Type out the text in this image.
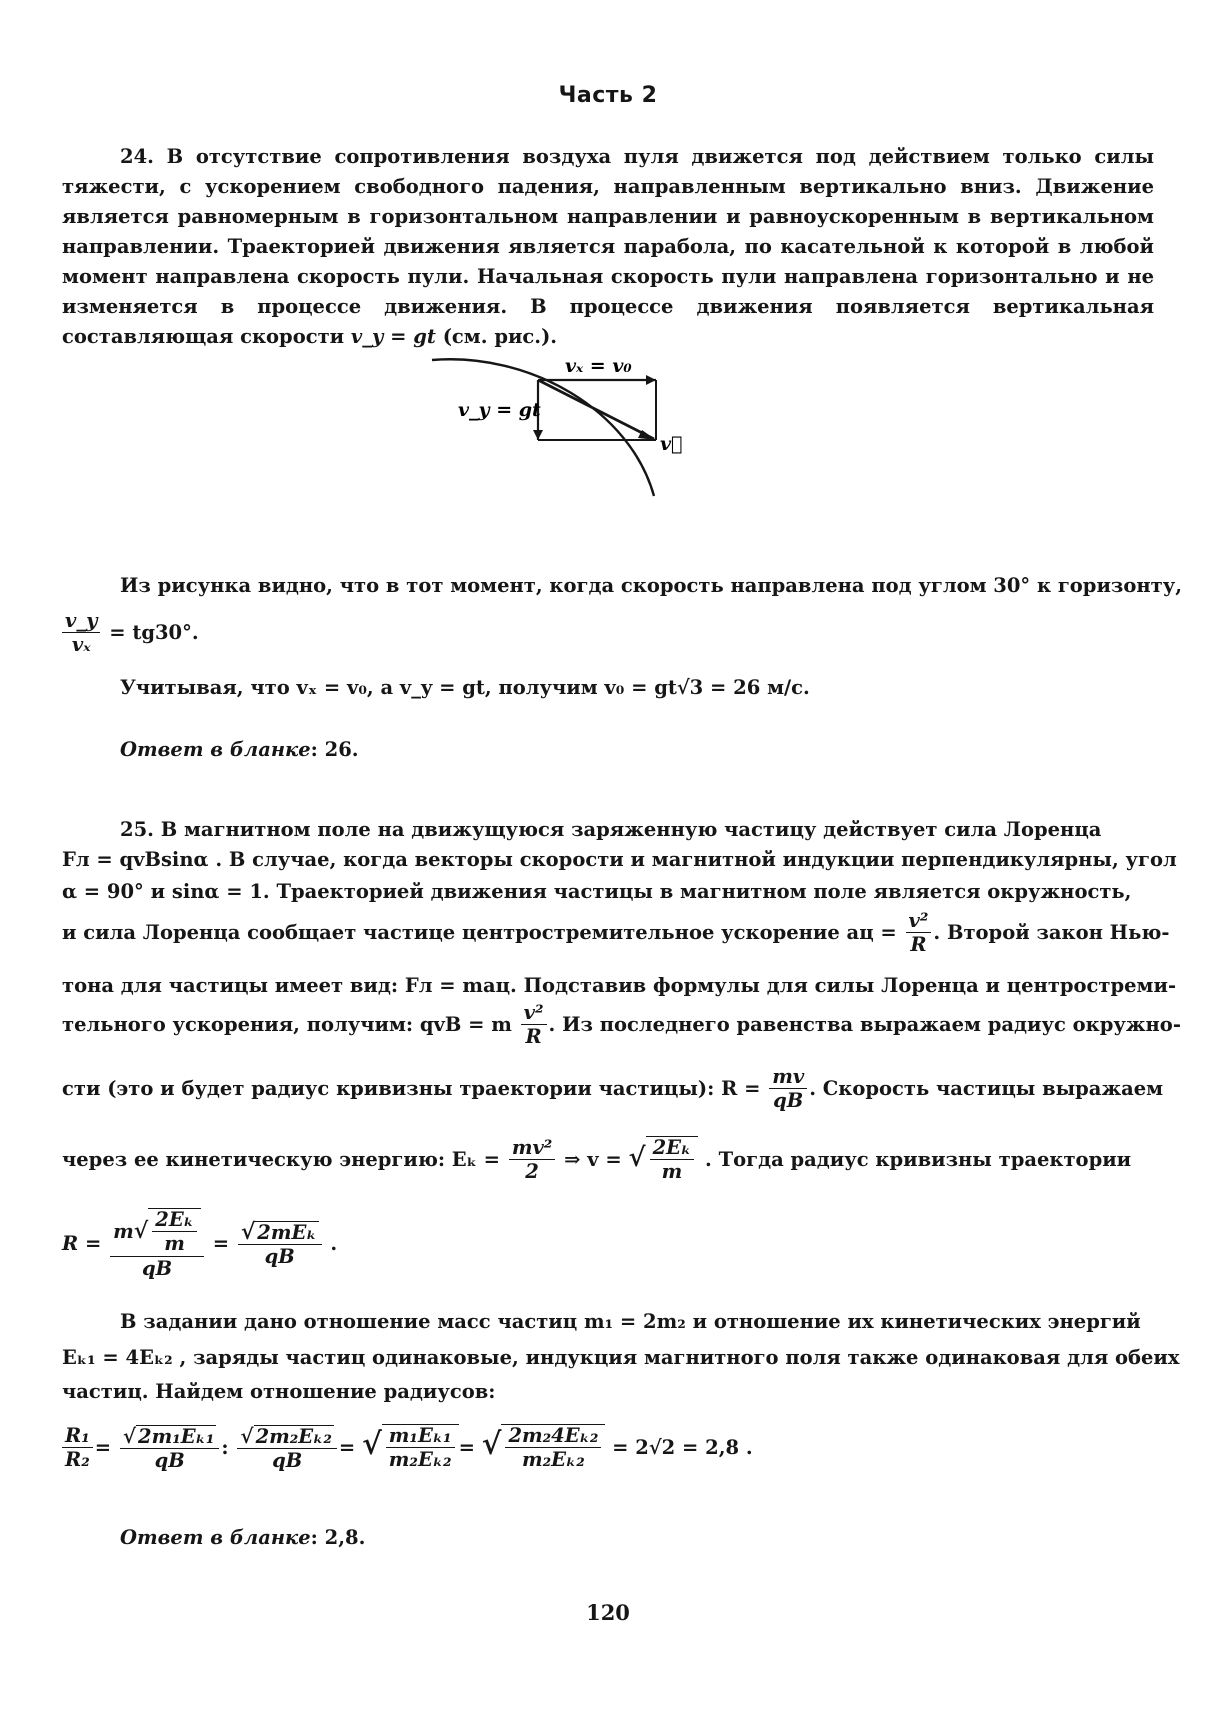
Часть 2
24. В отсутствие сопротивления воздуха пуля движется под действием только силы тяжести, с ускорением свободного падения, направленным вертикально вниз. Движение является равномерным в горизонтальном направлении и равноускоренным в вертикальном направлении. Траекторией движения является парабола, по касательной к которой в любой момент направлена скорость пули. Начальная скорость пули направлена горизонтально и не изменяется в процессе движения. В процессе движения появляется вертикальная составляющая скорости v_y = gt (см. рис.).
vₓ = v₀
v_y = gt
v⃗
Из рисунка видно, что в тот момент, когда скорость направлена под углом 30° к горизонту,
$\frac{v\_y}{\text{vₓ}} = tg30^\circ$.
Учитывая, что vₓ = v₀, а v_y = gt, получим v₀ = gt√3 = 26 м/с.
Ответ в бланке: 26.
25. В магнитном поле на движущуюся заряженную частицу действует сила Лоренца
Fл = qvBsinα . В случае, когда векторы скорости и магнитной индукции перпендикулярны, угол
α = 90° и sinα = 1. Траекторией движения частицы в магнитном поле является окружность,
и сила Лоренца сообщает частице центростремительное ускорение aц = $\frac{\text{v²}}{R}$ . Второй закон Нью-
тона для частицы имеет вид: Fл = maц. Подставив формулы для силы Лоренца и центростреми-
тельного ускорения, получим: qvB = m $\frac{\text{v²}}{R}$ . Из последнего равенства выражаем радиус окружно-
сти (это и будет радиус кривизны траектории частицы): $R = \frac{mv}{qB}$ . Скорость частицы выражаем
через ее кинетическую энергию: $E_k = \frac{\text{mv²}}{2}$ ⇒ v = √ $\frac{\text{2Eₖ}}{m}$ . Тогда радиус кривизны траектории
$R = \frac{m√ \frac{\text{2Eₖ}}{m}}{qB} = \frac{\text{√ 2mEₖ}}{qB}$ .
В задании дано отношение масс частиц m₁ = 2m₂ и отношение их кинетических энергий
Eₖ₁ = 4Eₖ₂ , заряды частиц одинаковые, индукция магнитного поля также одинаковая для обеих
частиц. Найдем отношение радиусов:
$\frac{\text{R₁}}{\text{R₂}} = \frac{\text{√ 2m₁Eₖ₁}}{qB}$ : $\frac{\text{√ 2m₂Eₖ₂}}{qB}$ = √ $\frac{\text{m₁Eₖ₁}}{\text{m₂Eₖ₂}}$ = √ $\frac{\text{2m₂4Eₖ₂}}{\text{m₂Eₖ₂}} = 2√2 = 2,8$ .
Ответ в бланке: 2,8.
120
